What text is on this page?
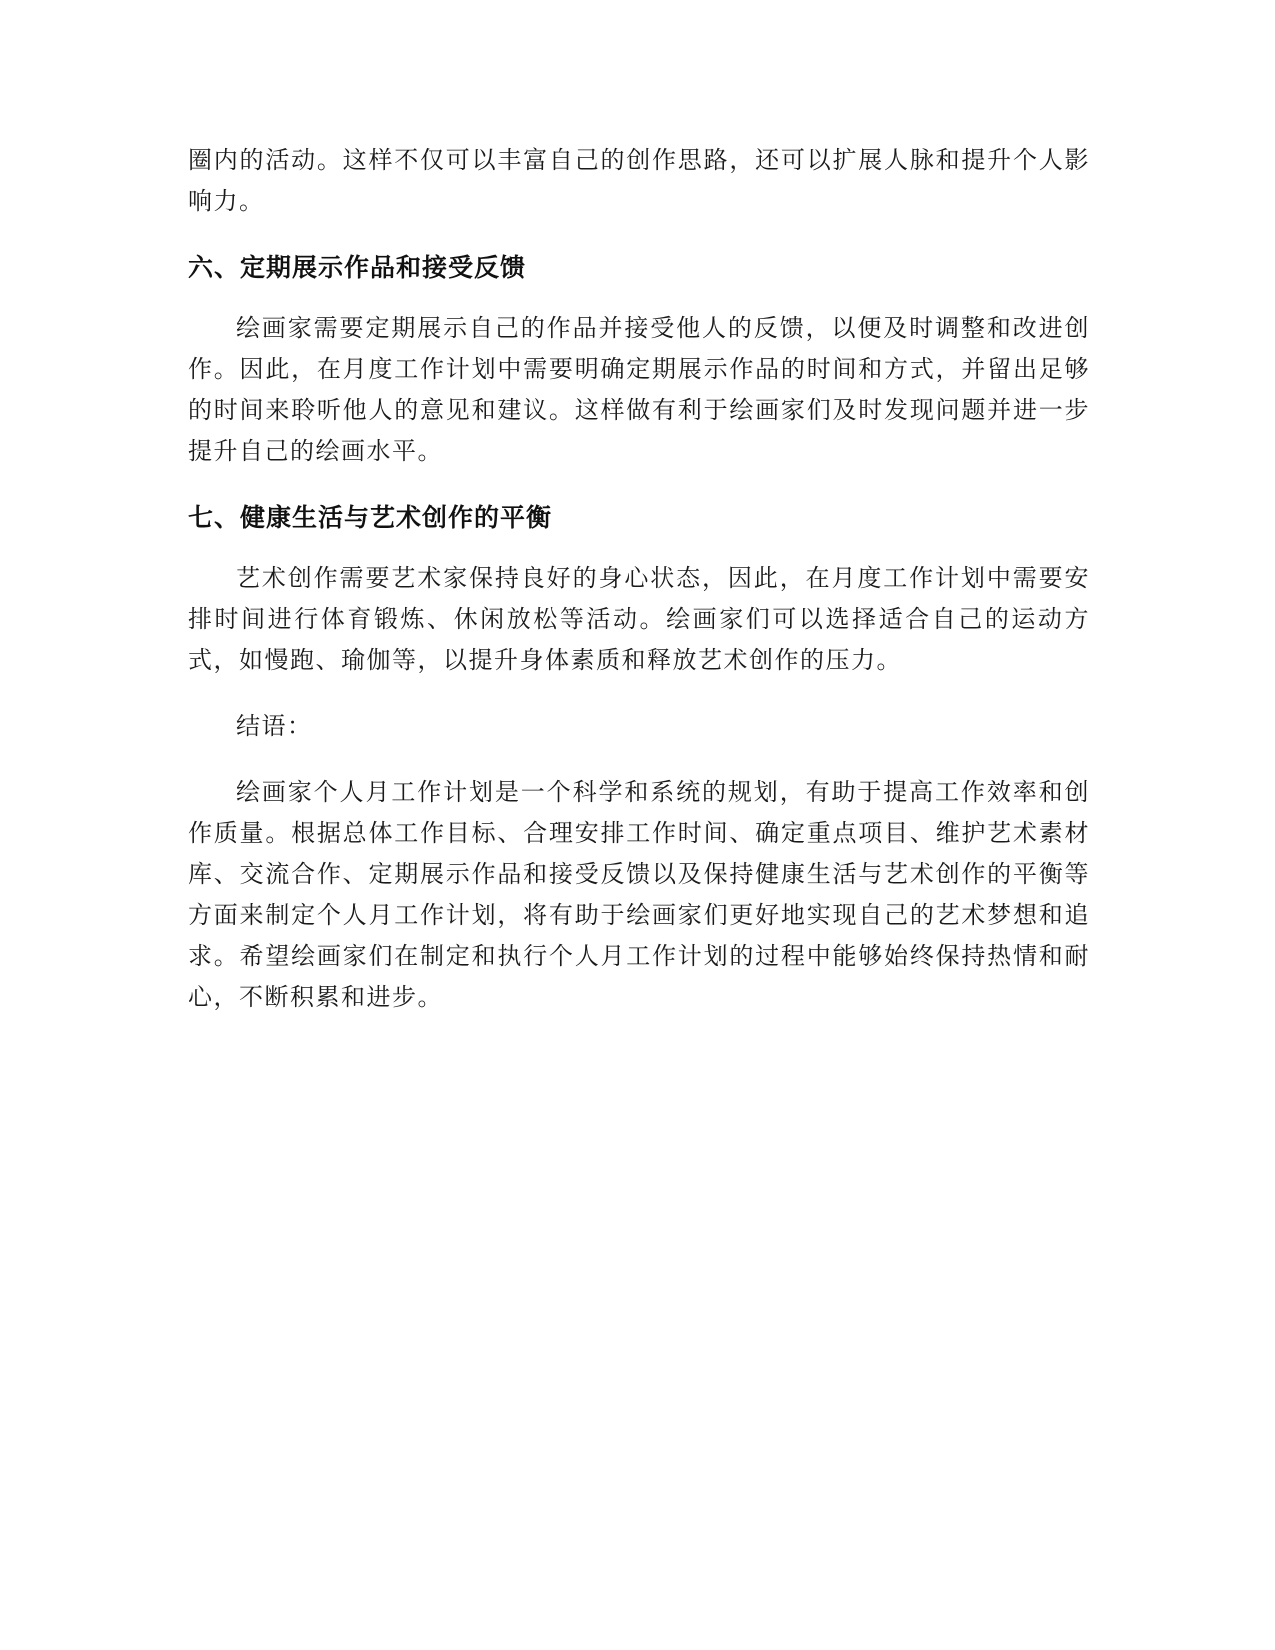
圈内的活动。这样不仅可以丰富自己的创作思路，还可以扩展人脉和提升个人影响力。

六、定期展示作品和接受反馈

绘画家需要定期展示自己的作品并接受他人的反馈，以便及时调整和改进创作。因此，在月度工作计划中需要明确定期展示作品的时间和方式，并留出足够的时间来聆听他人的意见和建议。这样做有利于绘画家们及时发现问题并进一步提升自己的绘画水平。

七、健康生活与艺术创作的平衡

艺术创作需要艺术家保持良好的身心状态，因此，在月度工作计划中需要安排时间进行体育锻炼、休闲放松等活动。绘画家们可以选择适合自己的运动方式，如慢跑、瑜伽等，以提升身体素质和释放艺术创作的压力。

结语：

绘画家个人月工作计划是一个科学和系统的规划，有助于提高工作效率和创作质量。根据总体工作目标、合理安排工作时间、确定重点项目、维护艺术素材库、交流合作、定期展示作品和接受反馈以及保持健康生活与艺术创作的平衡等方面来制定个人月工作计划，将有助于绘画家们更好地实现自己的艺术梦想和追求。希望绘画家们在制定和执行个人月工作计划的过程中能够始终保持热情和耐心，不断积累和进步。
